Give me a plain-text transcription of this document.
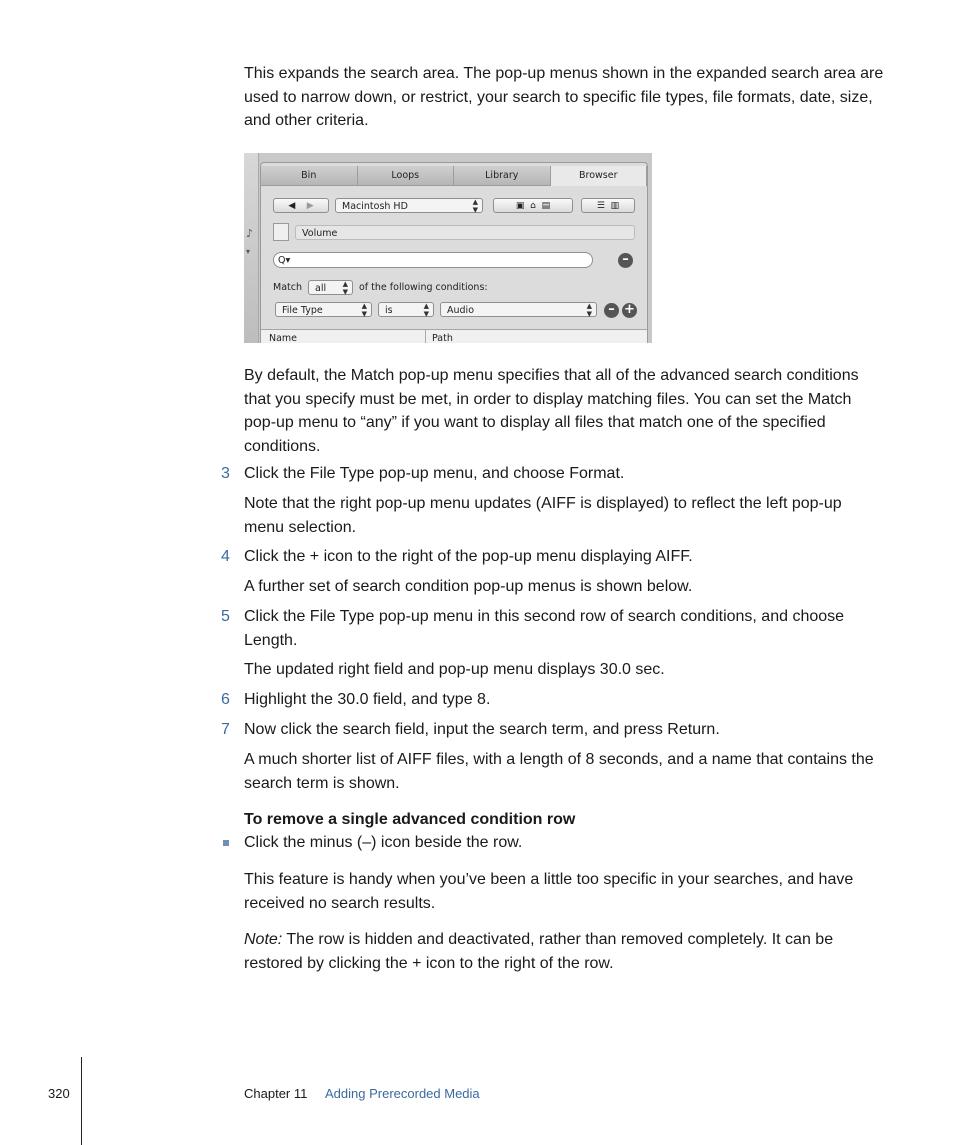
This expands the search area. The pop-up menus shown in the expanded search area are used to narrow down, or restrict, your search to specific file types, file formats, date, size, and other criteria.

♪
▾
Bin	Loops	Library	Browser
◀    ▶	Macintosh HD	▲
▼	▣  ⌂  ▤	☰  ▥
Volume
Q▾	–
Match	all ▲
▼ of the following conditions:
File Type	▲
▼	is	▲
▼	Audio	▲
▼	– +
Name	Path

By default, the Match pop-up menu specifies that all of the advanced search conditions that you specify must be met, in order to display matching files. You can set the Match pop-up menu to “any” if you want to display all files that match one of the specified conditions.

3 Click the File Type pop-up menu, and choose Format.

Note that the right pop-up menu updates (AIFF is displayed) to reflect the left pop-up menu selection.

4 Click the + icon to the right of the pop-up menu displaying AIFF.

A further set of search condition pop-up menus is shown below.

5 Click the File Type pop-up menu in this second row of search conditions, and choose Length.

The updated right field and pop-up menu displays 30.0 sec.

6 Highlight the 30.0 field, and type 8.

7 Now click the search field, input the search term, and press Return.

A much shorter list of AIFF files, with a length of 8 seconds, and a name that contains the search term is shown.

To remove a single advanced condition row

Click the minus (–) icon beside the row.

This feature is handy when you’ve been a little too specific in your searches, and have received no search results.

Note: The row is hidden and deactivated, rather than removed completely. It can be restored by clicking the + icon to the right of the row.

320	Chapter 11 Adding Prerecorded Media
